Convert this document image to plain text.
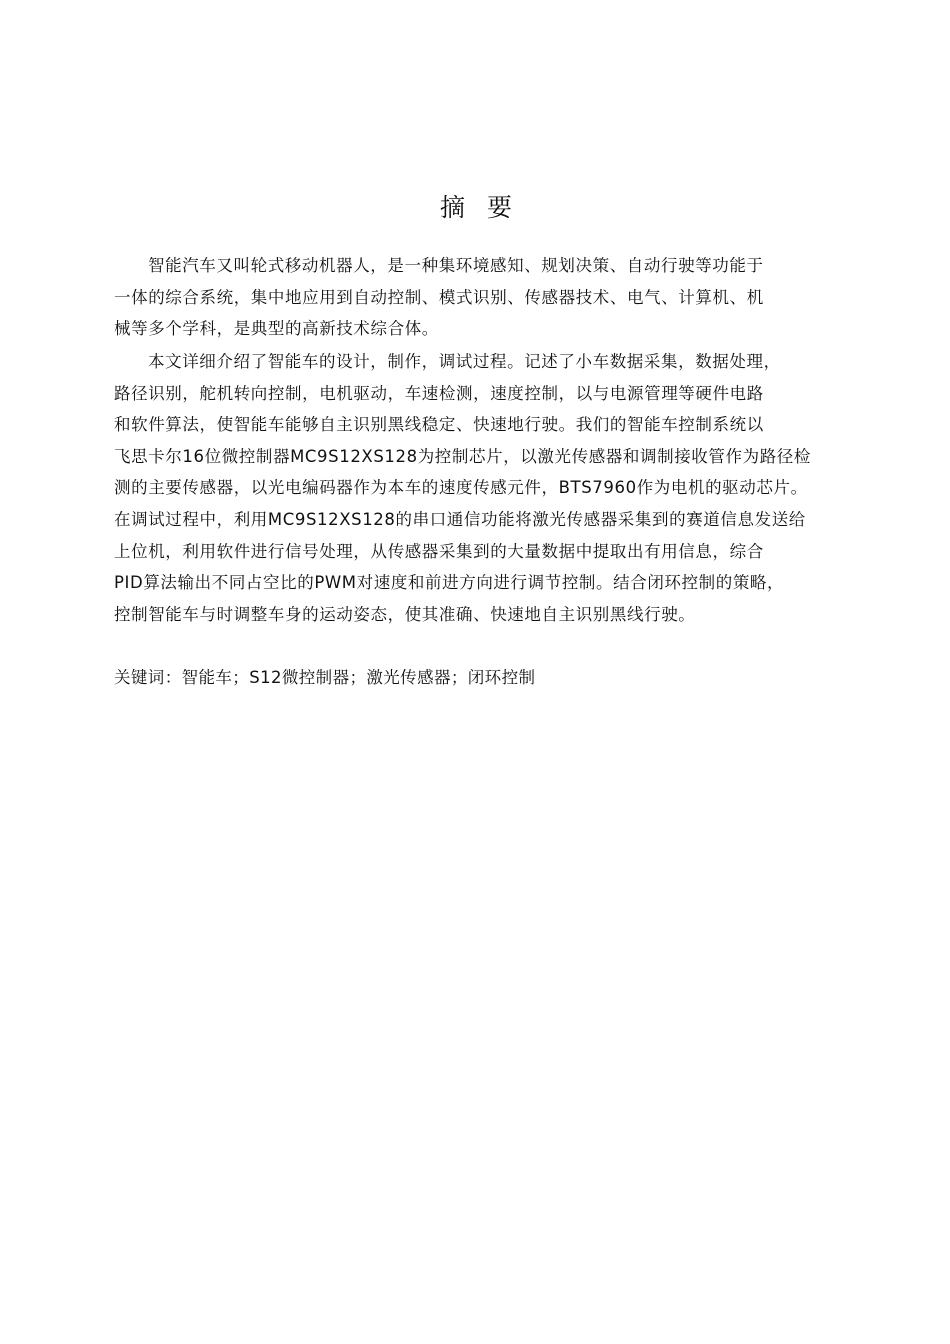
摘要
智能汽车又叫轮式移动机器人，是一种集环境感知、规划决策、自动行驶等功能于
一体的综合系统，集中地应用到自动控制、模式识别、传感器技术、电气、计算机、机
械等多个学科，是典型的高新技术综合体。
本文详细介绍了智能车的设计，制作，调试过程。记述了小车数据采集，数据处理，
路径识别，舵机转向控制，电机驱动，车速检测，速度控制，以与电源管理等硬件电路
和软件算法，使智能车能够自主识别黑线稳定、快速地行驶。我们的智能车控制系统以
飞思卡尔16位微控制器MC9S12XS128为控制芯片，以激光传感器和调制接收管作为路径检
测的主要传感器，以光电编码器作为本车的速度传感元件，BTS7960作为电机的驱动芯片。
在调试过程中，利用MC9S12XS128的串口通信功能将激光传感器采集到的赛道信息发送给
上位机，利用软件进行信号处理，从传感器采集到的大量数据中提取出有用信息，综合
PID算法输出不同占空比的PWM对速度和前进方向进行调节控制。结合闭环控制的策略，
控制智能车与时调整车身的运动姿态，使其准确、快速地自主识别黑线行驶。

关键词：智能车；S12微控制器；激光传感器；闭环控制
